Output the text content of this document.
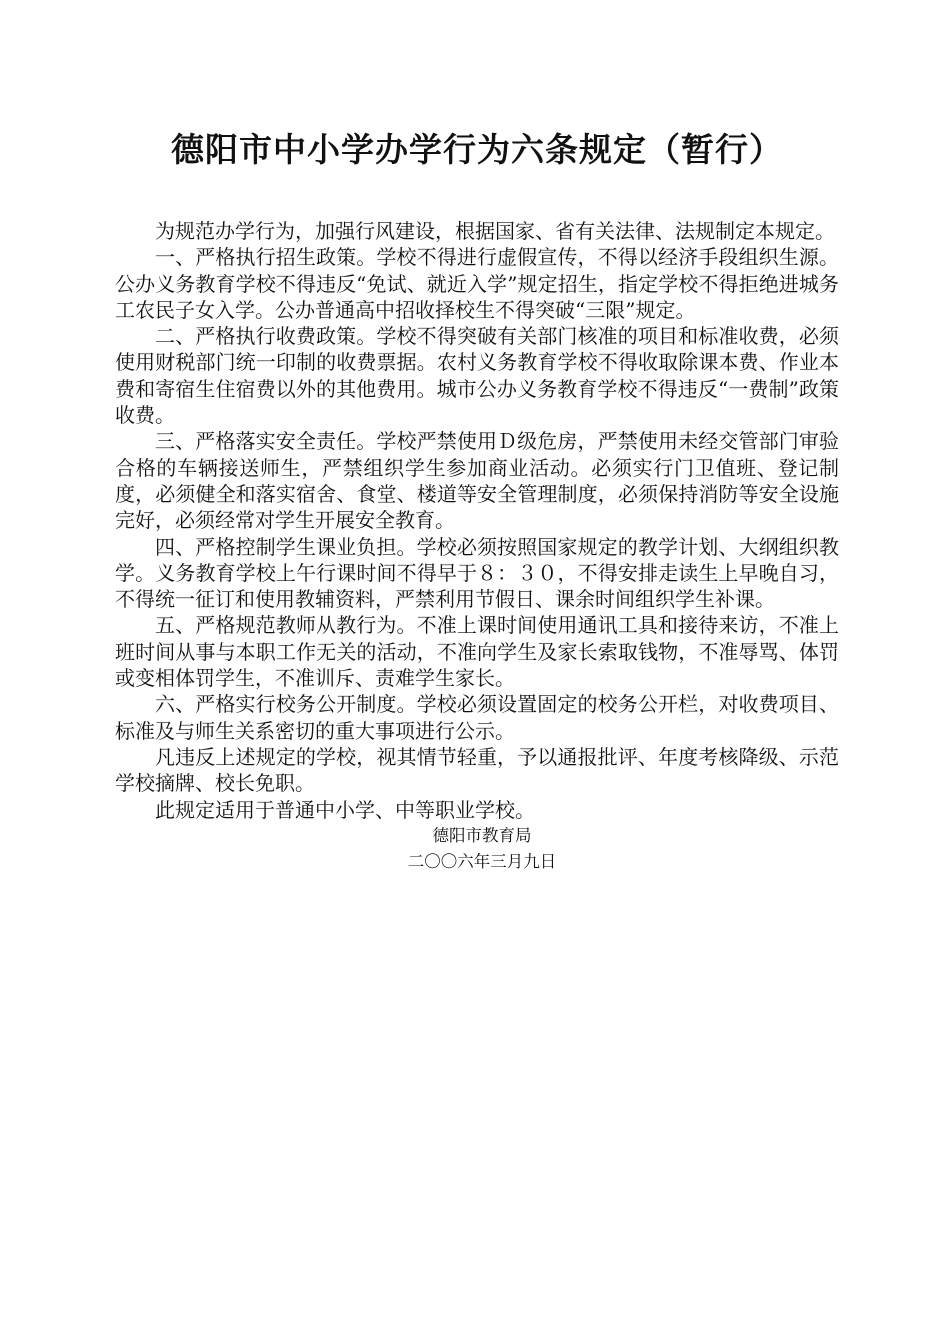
德阳市中小学办学行为六条规定（暂行）

为规范办学行为，加强行风建设，根据国家、省有关法律、法规制定本规定。

一、严格执行招生政策。学校不得进行虚假宣传，不得以经济手段组织生源。公办义务教育学校不得违反“免试、就近入学”规定招生，指定学校不得拒绝进城务工农民子女入学。公办普通高中招收择校生不得突破“三限”规定。

二、严格执行收费政策。学校不得突破有关部门核准的项目和标准收费，必须使用财税部门统一印制的收费票据。农村义务教育学校不得收取除课本费、作业本费和寄宿生住宿费以外的其他费用。城市公办义务教育学校不得违反“一费制”政策收费。

三、严格落实安全责任。学校严禁使用Ｄ级危房，严禁使用未经交管部门审验合格的车辆接送师生，严禁组织学生参加商业活动。必须实行门卫值班、登记制度，必须健全和落实宿舍、食堂、楼道等安全管理制度，必须保持消防等安全设施完好，必须经常对学生开展安全教育。

四、严格控制学生课业负担。学校必须按照国家规定的教学计划、大纲组织教学。义务教育学校上午行课时间不得早于８：３０，不得安排走读生上早晚自习，不得统一征订和使用教辅资料，严禁利用节假日、课余时间组织学生补课。

五、严格规范教师从教行为。不准上课时间使用通讯工具和接待来访，不准上班时间从事与本职工作无关的活动，不准向学生及家长索取钱物，不准辱骂、体罚或变相体罚学生，不准训斥、责难学生家长。

六、严格实行校务公开制度。学校必须设置固定的校务公开栏，对收费项目、标准及与师生关系密切的重大事项进行公示。

凡违反上述规定的学校，视其情节轻重，予以通报批评、年度考核降级、示范学校摘牌、校长免职。

此规定适用于普通中小学、中等职业学校。

德阳市教育局
二〇〇六年三月九日
